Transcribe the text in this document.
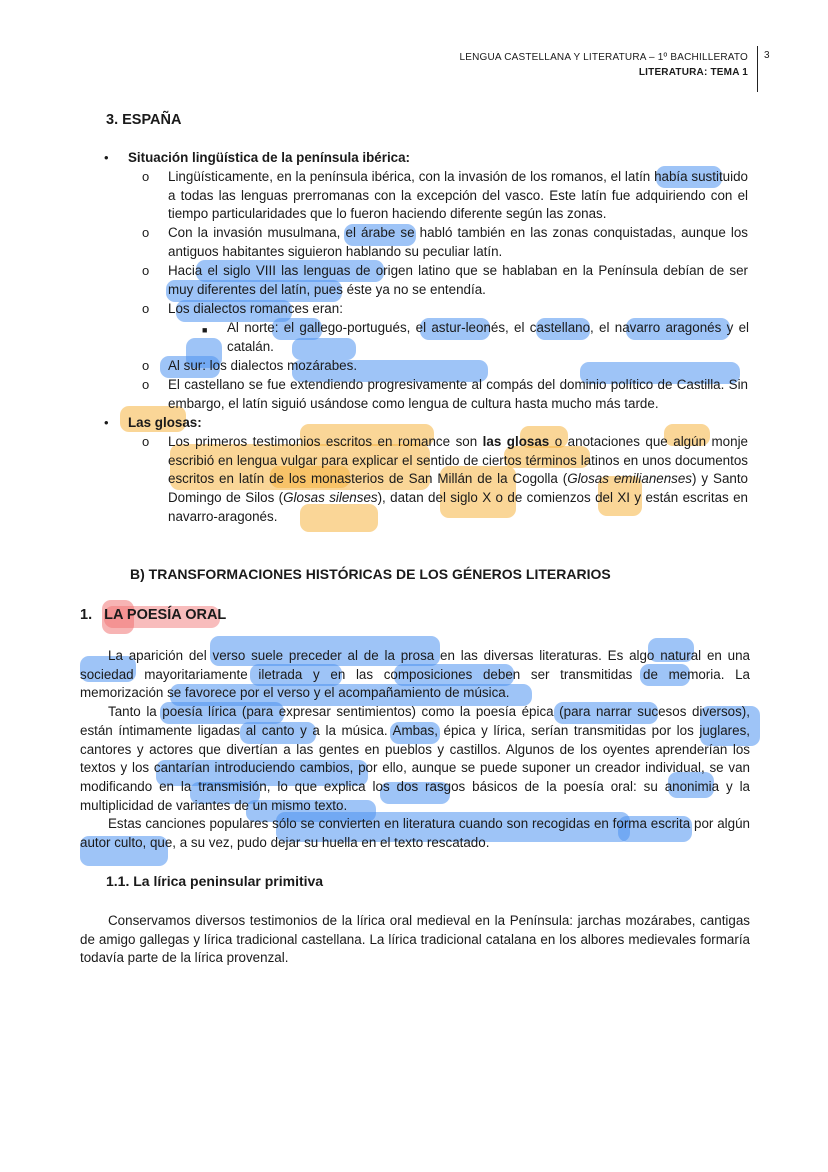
LENGUA CASTELLANA Y LITERATURA – 1º BACHILLERATO
LITERATURA: TEMA 1
3
3. ESPAÑA
• Situación lingüística de la península ibérica:
o Lingüísticamente, en la península ibérica, con la invasión de los romanos, el latín había sustituido a todas las lenguas prerromanas con la excepción del vasco. Este latín fue adquiriendo con el tiempo particularidades que lo fueron haciendo diferente según las zonas.
o Con la invasión musulmana, el árabe se habló también en las zonas conquistadas, aunque los antiguos habitantes siguieron hablando su peculiar latín.
o Hacia el siglo VIII las lenguas de origen latino que se hablaban en la Península debían de ser muy diferentes del latín, pues éste ya no se entendía.
o Los dialectos romances eran:
■ Al norte: el gallego-portugués, el astur-leonés, el castellano, el navarro aragonés y el catalán.
o Al sur: los dialectos mozárabes.
o El castellano se fue extendiendo progresivamente al compás del dominio político de Castilla. Sin embargo, el latín siguió usándose como lengua de cultura hasta mucho más tarde.
• Las glosas:
o Los primeros testimonios escritos en romance son las glosas o anotaciones que algún monje escribió en lengua vulgar para explicar el sentido de ciertos términos latinos en unos documentos escritos en latín de los monasterios de San Millán de la Cogolla (Glosas emilianenses) y Santo Domingo de Silos (Glosas silenses), datan del siglo X o de comienzos del XI y están escritas en navarro-aragonés.
B) TRANSFORMACIONES HISTÓRICAS DE LOS GÉNEROS LITERARIOS
1. LA POESÍA ORAL

La aparición del verso suele preceder al de la prosa en las diversas literaturas. Es algo natural en una sociedad mayoritariamente iletrada y en las composiciones deben ser transmitidas de memoria. La memorización se favorece por el verso y el acompañamiento de música.

Tanto la poesía lírica (para expresar sentimientos) como la poesía épica (para narrar sucesos diversos), están íntimamente ligadas al canto y a la música. Ambas, épica y lírica, serían transmitidas por los juglares, cantores y actores que divertían a las gentes en pueblos y castillos. Algunos de los oyentes aprenderían los textos y los cantarían introduciendo cambios, por ello, aunque se puede suponer un creador individual, se van modificando en la transmisión, lo que explica los dos rasgos básicos de la poesía oral: su anonimia y la multiplicidad de variantes de un mismo texto.

Estas canciones populares sólo se convierten en literatura cuando son recogidas en forma escrita por algún autor culto, que, a su vez, pudo dejar su huella en el texto rescatado.

1.1. La lírica peninsular primitiva

Conservamos diversos testimonios de la lírica oral medieval en la Península: jarchas mozárabes, cantigas de amigo gallegas y lírica tradicional castellana. La lírica tradicional catalana en los albores medievales formaría todavía parte de la lírica provenzal.
